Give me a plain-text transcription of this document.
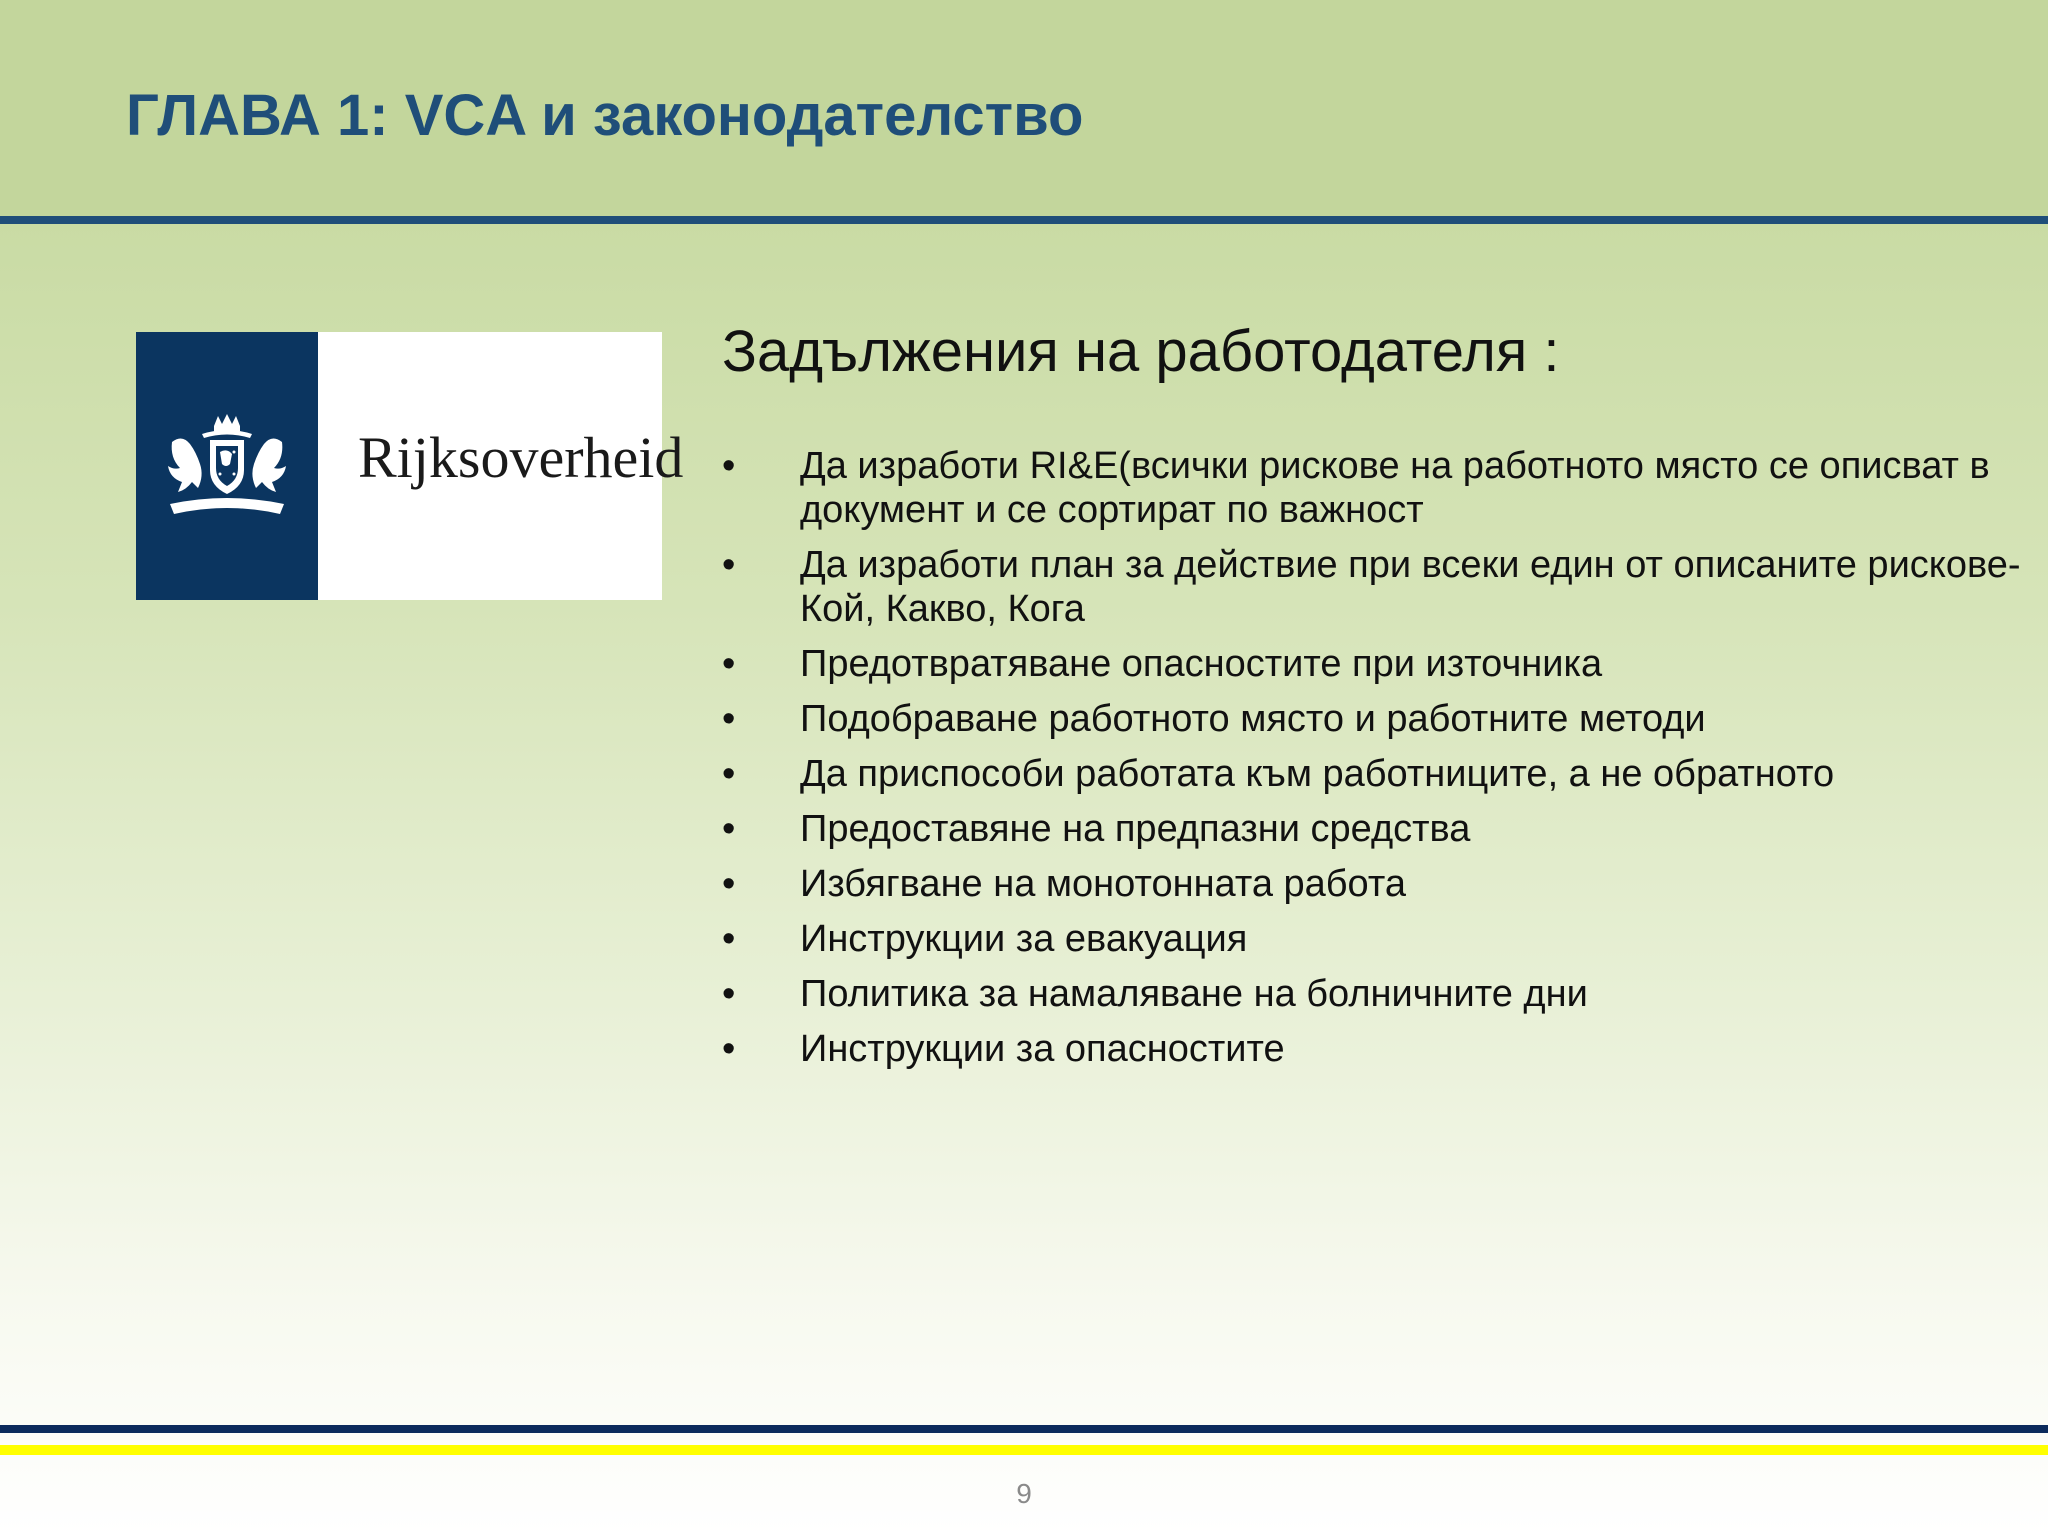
ГЛАВА 1: VCA и законодателство
Rijksoverheid
Задължения на работодателя :
• Да изработи RI&E(всички рискове на работното място се описват в документ и се сортират по важност
• Да изработи план за действие при всеки един от описаните рискове- Кой, Какво, Кога
• Предотвратяване опасностите при източника
• Подобраване работното място и работните методи
• Да приспособи работата към работниците, а не обратното
• Предоставяне на предпазни средства
• Избягване на монотонната работа
• Инструкции за евакуация
• Политика за намаляване на болничните дни
• Инструкции за опасностите
9
